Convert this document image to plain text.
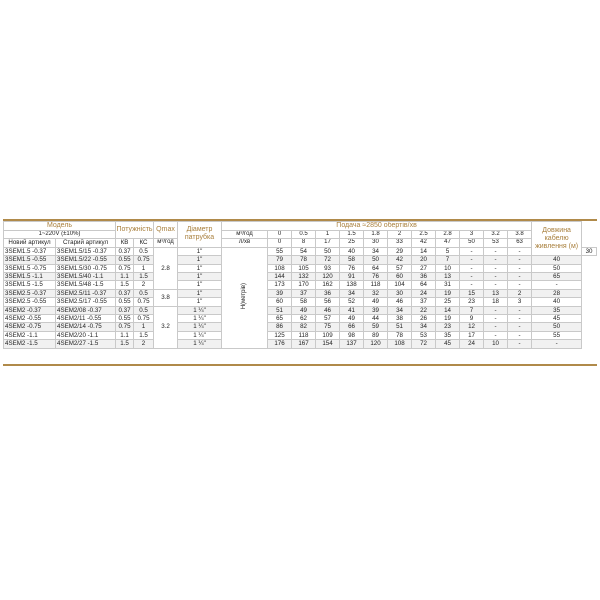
Модель		Потужність		Qmax	Діаметр патрубка	Подача ≈2850 обертів/хв												Довжина кабелю живлення (м)	
1~220V (±10%)						м³/год	0	0.5	1	1.5	1.8	2	2.5	2.8	3	3.2	3.8		
Новий артикул	Старий артикул	КВ	КС	м³/год		л/хв	0	8	17	25	30	33	42	47	50	53	63		
3SEM1.5 -0.37	3SEM1.5/15 -0.37	0.37	0.5	2.8	1"	Н(метрів)	55	54	50	40	34	29	14	5	-	-	-		30
3SEM1.5 -0.55	3SEM1.5/22 -0.55	0.55	0.75		1"		79	78	72	58	50	42	20	7	-	-	-	40	
3SEM1.5 -0.75	3SEM1.5/30 -0.75	0.75	1		1"		108	105	93	76	64	57	27	10	-	-	-	50	
3SEM1.5 -1.1	3SEM1.5/40 -1.1	1.1	1.5		1"		144	132	120	91	76	60	36	13	-	-	-	65	
3SEM1.5 -1.5	3SEM1.5/48 -1.5	1.5	2		1"		173	170	162	138	118	104	64	31	-	-	-	-	
3SEM2.5 -0.37	3SEM2.5/11 -0.37	0.37	0.5	3.8	1"		39	37	36	34	32	30	24	19	15	13	2	28	
3SEM2.5 -0.55	3SEM2.5/17 -0.55	0.55	0.75		1"		60	58	56	52	49	46	37	25	23	18	3	40	
4SEM2 -0.37	4SEM2/08 -0.37	0.37	0.5	3.2	1 ¼"		51	49	46	41	39	34	22	14	7	-	-	35	
4SEM2 -0.55	4SEM2/11 -0.55	0.55	0.75		1 ¼"		65	62	57	49	44	38	26	19	9	-	-	45	
4SEM2 -0.75	4SEM2/14 -0.75	0.75	1		1 ¼"		86	82	75	66	59	51	34	23	12	-	-	50	
4SEM2 -1.1	4SEM2/20 -1.1	1.1	1.5		1 ¼"		125	118	109	98	89	78	53	35	17	-	-	55	
4SEM2 -1.5	4SEM2/27 -1.5	1.5	2		1 ¼"		176	167	154	137	120	108	72	45	24	10	-	-	
